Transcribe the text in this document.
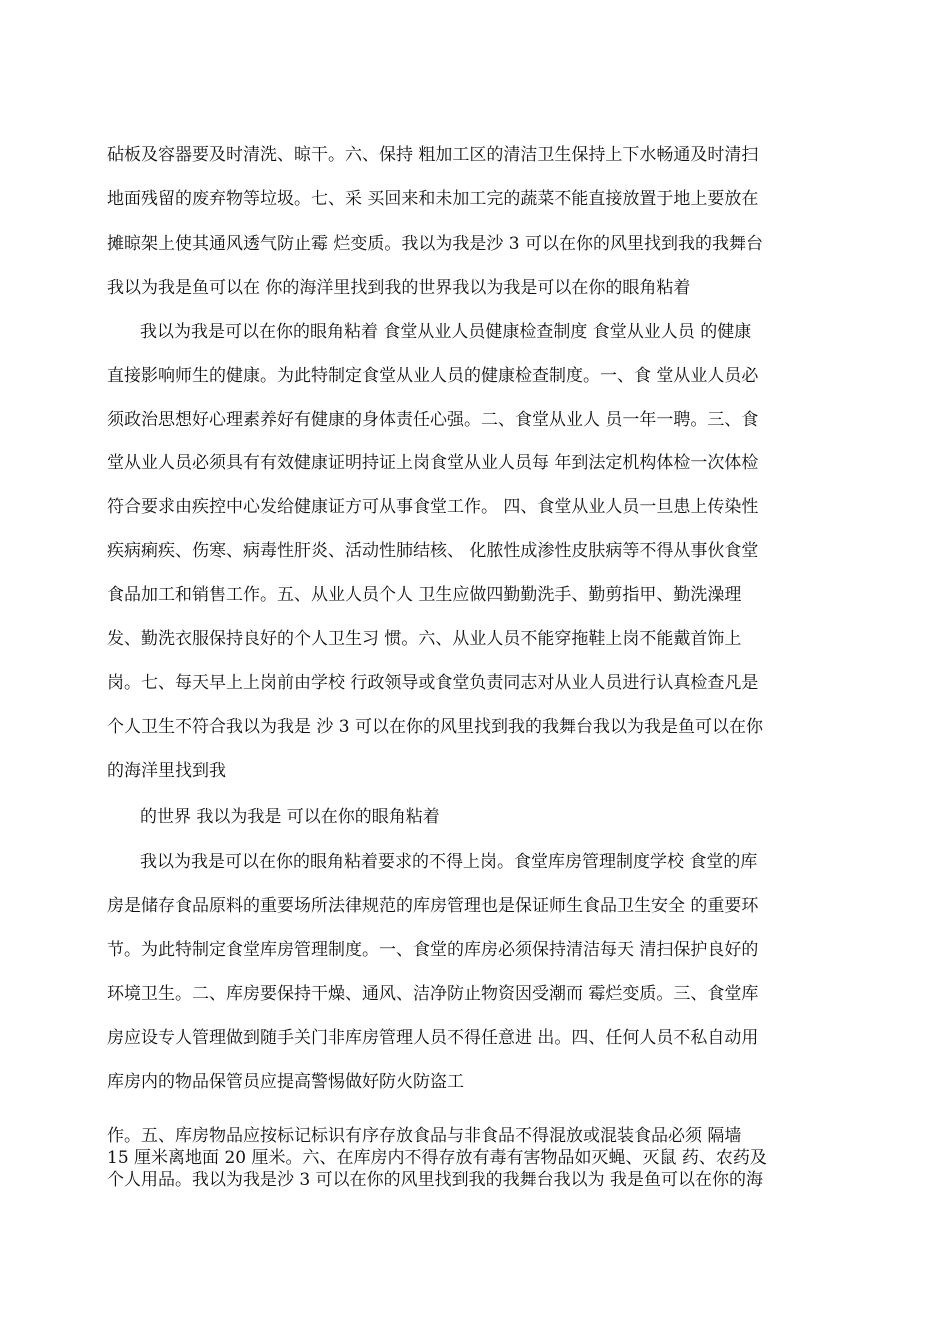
砧板及容器要及时清洗、晾干。六、保持 粗加工区的清洁卫生保持上下水畅通及时清扫
地面残留的废弃物等垃圾。七、采 买回来和未加工完的蔬菜不能直接放置于地上要放在
摊晾架上使其通风透气防止霉 烂变质。我以为我是沙 3 可以在你的风里找到我的我舞台
我以为我是鱼可以在 你的海洋里找到我的世界我以为我是可以在你的眼角粘着
我以为我是可以在你的眼角粘着 食堂从业人员健康检查制度 食堂从业人员 的健康
直接影响师生的健康。为此特制定食堂从业人员的健康检查制度。一、食 堂从业人员必
须政治思想好心理素养好有健康的身体责任心强。二、食堂从业人 员一年一聘。三、食
堂从业人员必须具有有效健康证明持证上岗食堂从业人员每 年到法定机构体检一次体检
符合要求由疾控中心发给健康证方可从事食堂工作。 四、食堂从业人员一旦患上传染性
疾病痢疾、伤寒、病毒性肝炎、活动性肺结核、 化脓性成渗性皮肤病等不得从事伙食堂
食品加工和销售工作。五、从业人员个人 卫生应做四勤勤洗手、勤剪指甲、勤洗澡理
发、勤洗衣服保持良好的个人卫生习 惯。六、从业人员不能穿拖鞋上岗不能戴首饰上
岗。七、每天早上上岗前由学校 行政领导或食堂负责同志对从业人员进行认真检查凡是
个人卫生不符合我以为我是 沙 3 可以在你的风里找到我的我舞台我以为我是鱼可以在你
的海洋里找到我
的世界 我以为我是 可以在你的眼角粘着
我以为我是可以在你的眼角粘着要求的不得上岗。食堂库房管理制度学校 食堂的库
房是储存食品原料的重要场所法律规范的库房管理也是保证师生食品卫生安全 的重要环
节。为此特制定食堂库房管理制度。一、食堂的库房必须保持清洁每天 清扫保护良好的
环境卫生。二、库房要保持干燥、通风、洁净防止物资因受潮而 霉烂变质。三、食堂库
房应设专人管理做到随手关门非库房管理人员不得任意进 出。四、任何人员不私自动用
库房内的物品保管员应提高警惕做好防火防盗工
作。五、库房物品应按标记标识有序存放食品与非食品不得混放或混装食品必须 隔墙
15 厘米离地面 20 厘米。六、在库房内不得存放有毒有害物品如灭蝇、灭鼠 药、农药及
个人用品。我以为我是沙 3 可以在你的风里找到我的我舞台我以为 我是鱼可以在你的海
